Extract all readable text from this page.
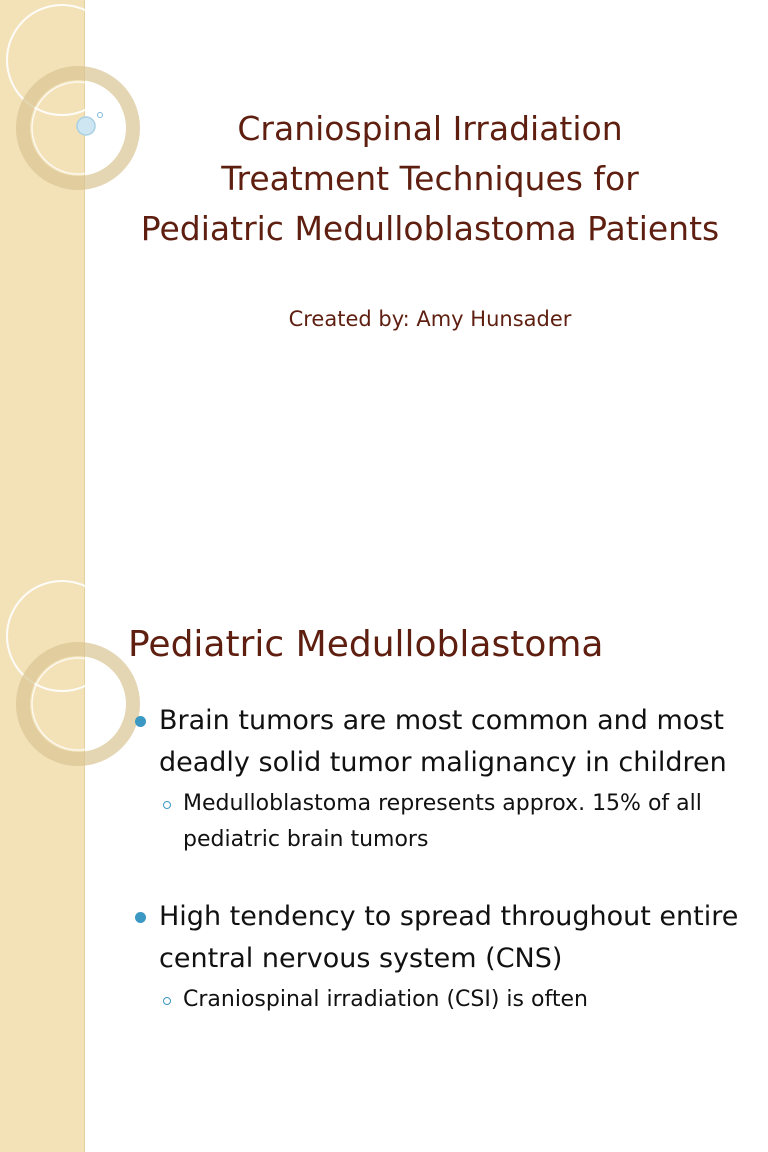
Craniospinal Irradiation
Treatment Techniques for
Pediatric Medulloblastoma Patients
Created by: Amy Hunsader
Pediatric Medulloblastoma
Brain tumors are most common and most deadly solid tumor malignancy in children
Medulloblastoma represents approx. 15% of all pediatric brain tumors
High tendency to spread throughout entire central nervous system (CNS)
Craniospinal irradiation (CSI) is often
